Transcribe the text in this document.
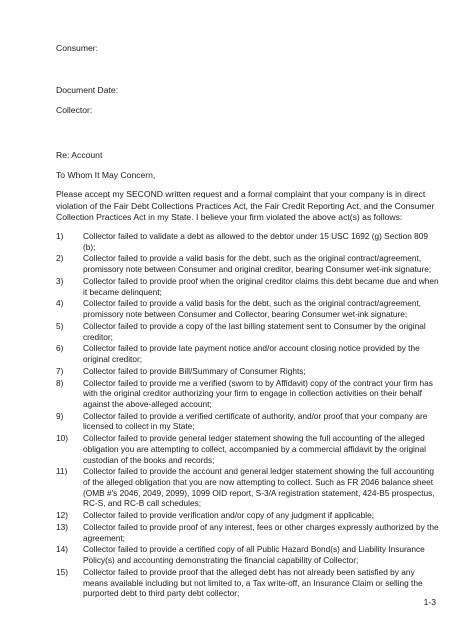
Consumer:
Document Date:
Collector:
Re: Account
To Whom It May Concern,
Please accept my SECOND written request and a formal complaint that your company is in direct violation of the Fair Debt Collections Practices Act, the Fair Credit Reporting Act, and the Consumer Collection Practices Act in my State. I believe your firm violated the above act(s) as follows:
1)	Collector failed to validate a debt as allowed to the debtor under 15 USC 1692 (g) Section 809 (b);
2)	Collector failed to provide a valid basis for the debt, such as the original contract/agreement, promissory note between Consumer and original creditor, bearing Consumer wet-ink signature;
3)	Collector failed to provide proof when the original creditor claims this debt became due and when it became delinquent;
4)	Collector failed to provide a valid basis for the debt, such as the original contract/agreement, promissory note between Consumer and Collector, bearing Consumer wet-ink signature;
5)	Collector failed to provide a copy of the last billing statement sent to Consumer by the original creditor;
6)	Collector failed to provide late payment notice and/or account closing notice provided by the original creditor;
7)	Collector failed to provide Bill/Summary of Consumer Rights;
8)	Collector failed to provide me a verified (sworn to by Affidavit) copy of the contract your firm has with the original creditor authorizing your firm to engage in collection activities on their behalf against the above-alleged account;
9)	Collector failed to provide a verified certificate of authority, and/or proof that your company are licensed to collect in my State;
10)	Collector failed to provide general ledger statement showing the full accounting of the alleged obligation you are attempting to collect, accompanied by a commercial affidavit by the original custodian of the books and records;
11)	Collector failed to provide the account and general ledger statement showing the full accounting of the alleged obligation that you are now attempting to collect. Such as FR 2046 balance sheet (OMB #'s 2046, 2049, 2099), 1099 OID report, S-3/A registration statement, 424-B5 prospectus, RC-S, and RC-B call schedules;
12)	Collector failed to provide verification and/or copy of any judgment if applicable;
13)	Collector failed to provide proof of any interest, fees or other charges expressly authorized by the agreement;
14)	Collector failed to provide a certified copy of all Public Hazard Bond(s) and Liability Insurance Policy(s) and accounting demonstrating the financial capability of Collector;
15)	Collector failed to provide proof that the alleged debt has not already been satisfied by any means available including but not limited to, a Tax write-off, an Insurance Claim or selling the purported debt to third party debt collector;
1-3
